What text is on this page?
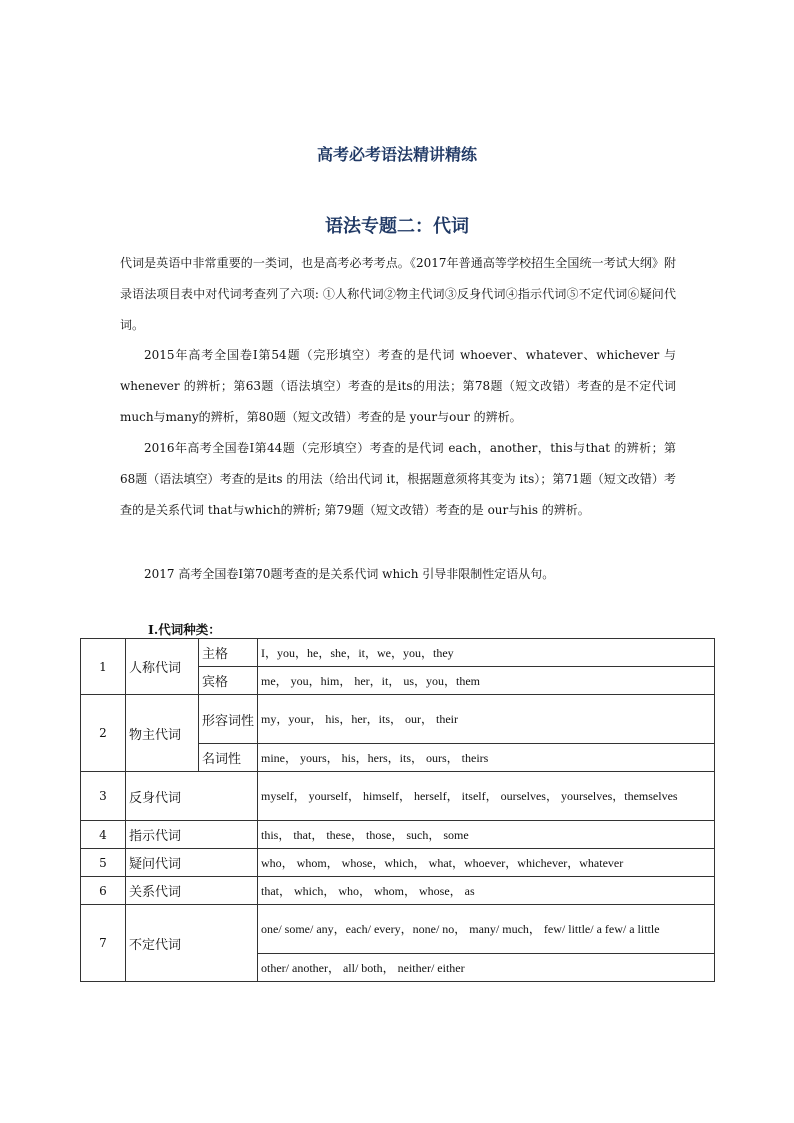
高考必考语法精讲精练
语法专题二：代词

代词是英语中非常重要的一类词，也是高考必考考点。《2017年普通高等学校招生全国统一考试大纲》附录语法项目表中对代词考查列了六项: ①人称代词②物主代词③反身代词④指示代词⑤不定代词⑥疑问代词。

2015年高考全国卷Ⅰ第54题（完形填空）考查的是代词 whoever、whatever、whichever 与 whenever 的辨析；第63题（语法填空）考查的是its的用法；第78题（短文改错）考查的是不定代词 much与many的辨析，第80题（短文改错）考查的是 your与our 的辨析。

2016年高考全国卷Ⅰ第44题（完形填空）考查的是代词 each，another，this与that 的辨析；第68题（语法填空）考查的是its 的用法（给出代词 it，根据题意须将其变为 its）；第71题（短文改错）考查的是关系代词 that与which的辨析; 第79题（短文改错）考查的是 our与his 的辨析。

2017 高考全国卷Ⅰ第70题考查的是关系代词 which 引导非限制性定语从句。

I.代词种类：
1	人称代词	主格	I，you，he，she，it，we，you，they
		宾格	me， you，him， her，it， us，you，them
2	物主代词	形容词性	my，your， his，her，its， our， their
		名词性	mine， yours， his，hers，its， ours， theirs
3	反身代词		myself， yourself， himself， herself， itself， ourselves， yourselves，themselves
4	指示代词		this， that， these， those， such， some
5	疑问代词		who， whom， whose，which， what，whoever，whichever，whatever
6	关系代词		that， which， who， whom， whose， as
7	不定代词		one/ some/ any，each/ every，none/ no， many/ much， few/ little/ a few/ a little
			other/ another， all/ both， neither/ either
